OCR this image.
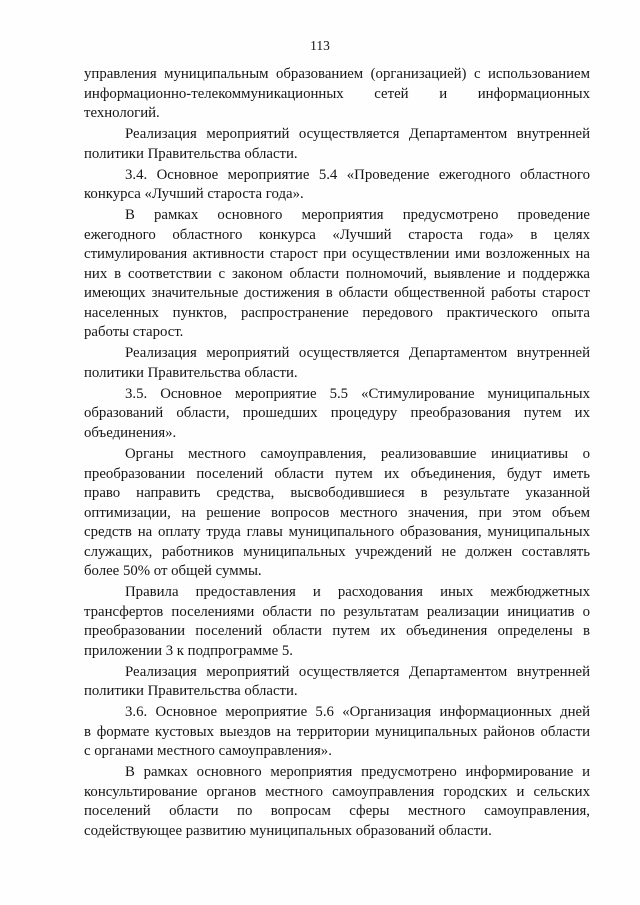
113
управления муниципальным образованием (организацией) с использованием
информационно-телекоммуникационных сетей и информационных
технологий.
Реализация мероприятий осуществляется Департаментом внутренней
политики Правительства области.
3.4. Основное мероприятие 5.4 «Проведение ежегодного областного
конкурса «Лучший староста года».
В рамках основного мероприятия предусмотрено проведение
ежегодного областного конкурса «Лучший староста года» в целях
стимулирования активности старост при осуществлении ими возложенных на
них в соответствии с законом области полномочий, выявление и поддержка
имеющих значительные достижения в области общественной работы старост
населенных пунктов, распространение передового практического опыта
работы старост.
Реализация мероприятий осуществляется Департаментом внутренней
политики Правительства области.
3.5. Основное мероприятие 5.5 «Стимулирование муниципальных
образований области, прошедших процедуру преобразования путем их
объединения».
Органы местного самоуправления, реализовавшие инициативы о
преобразовании поселений области путем их объединения, будут иметь
право направить средства, высвободившиеся в результате указанной
оптимизации, на решение вопросов местного значения, при этом объем
средств на оплату труда главы муниципального образования, муниципальных
служащих, работников муниципальных учреждений не должен составлять
более 50% от общей суммы.
Правила предоставления и расходования иных межбюджетных
трансфертов поселениями области по результатам реализации инициатив о
преобразовании поселений области путем их объединения определены в
приложении 3 к подпрограмме 5.
Реализация мероприятий осуществляется Департаментом внутренней
политики Правительства области.
3.6. Основное мероприятие 5.6 «Организация информационных дней
в формате кустовых выездов на территории муниципальных районов области
с органами местного самоуправления».
В рамках основного мероприятия предусмотрено информирование и
консультирование органов местного самоуправления городских и сельских
поселений области по вопросам сферы местного самоуправления,
содействующее развитию муниципальных образований области.
